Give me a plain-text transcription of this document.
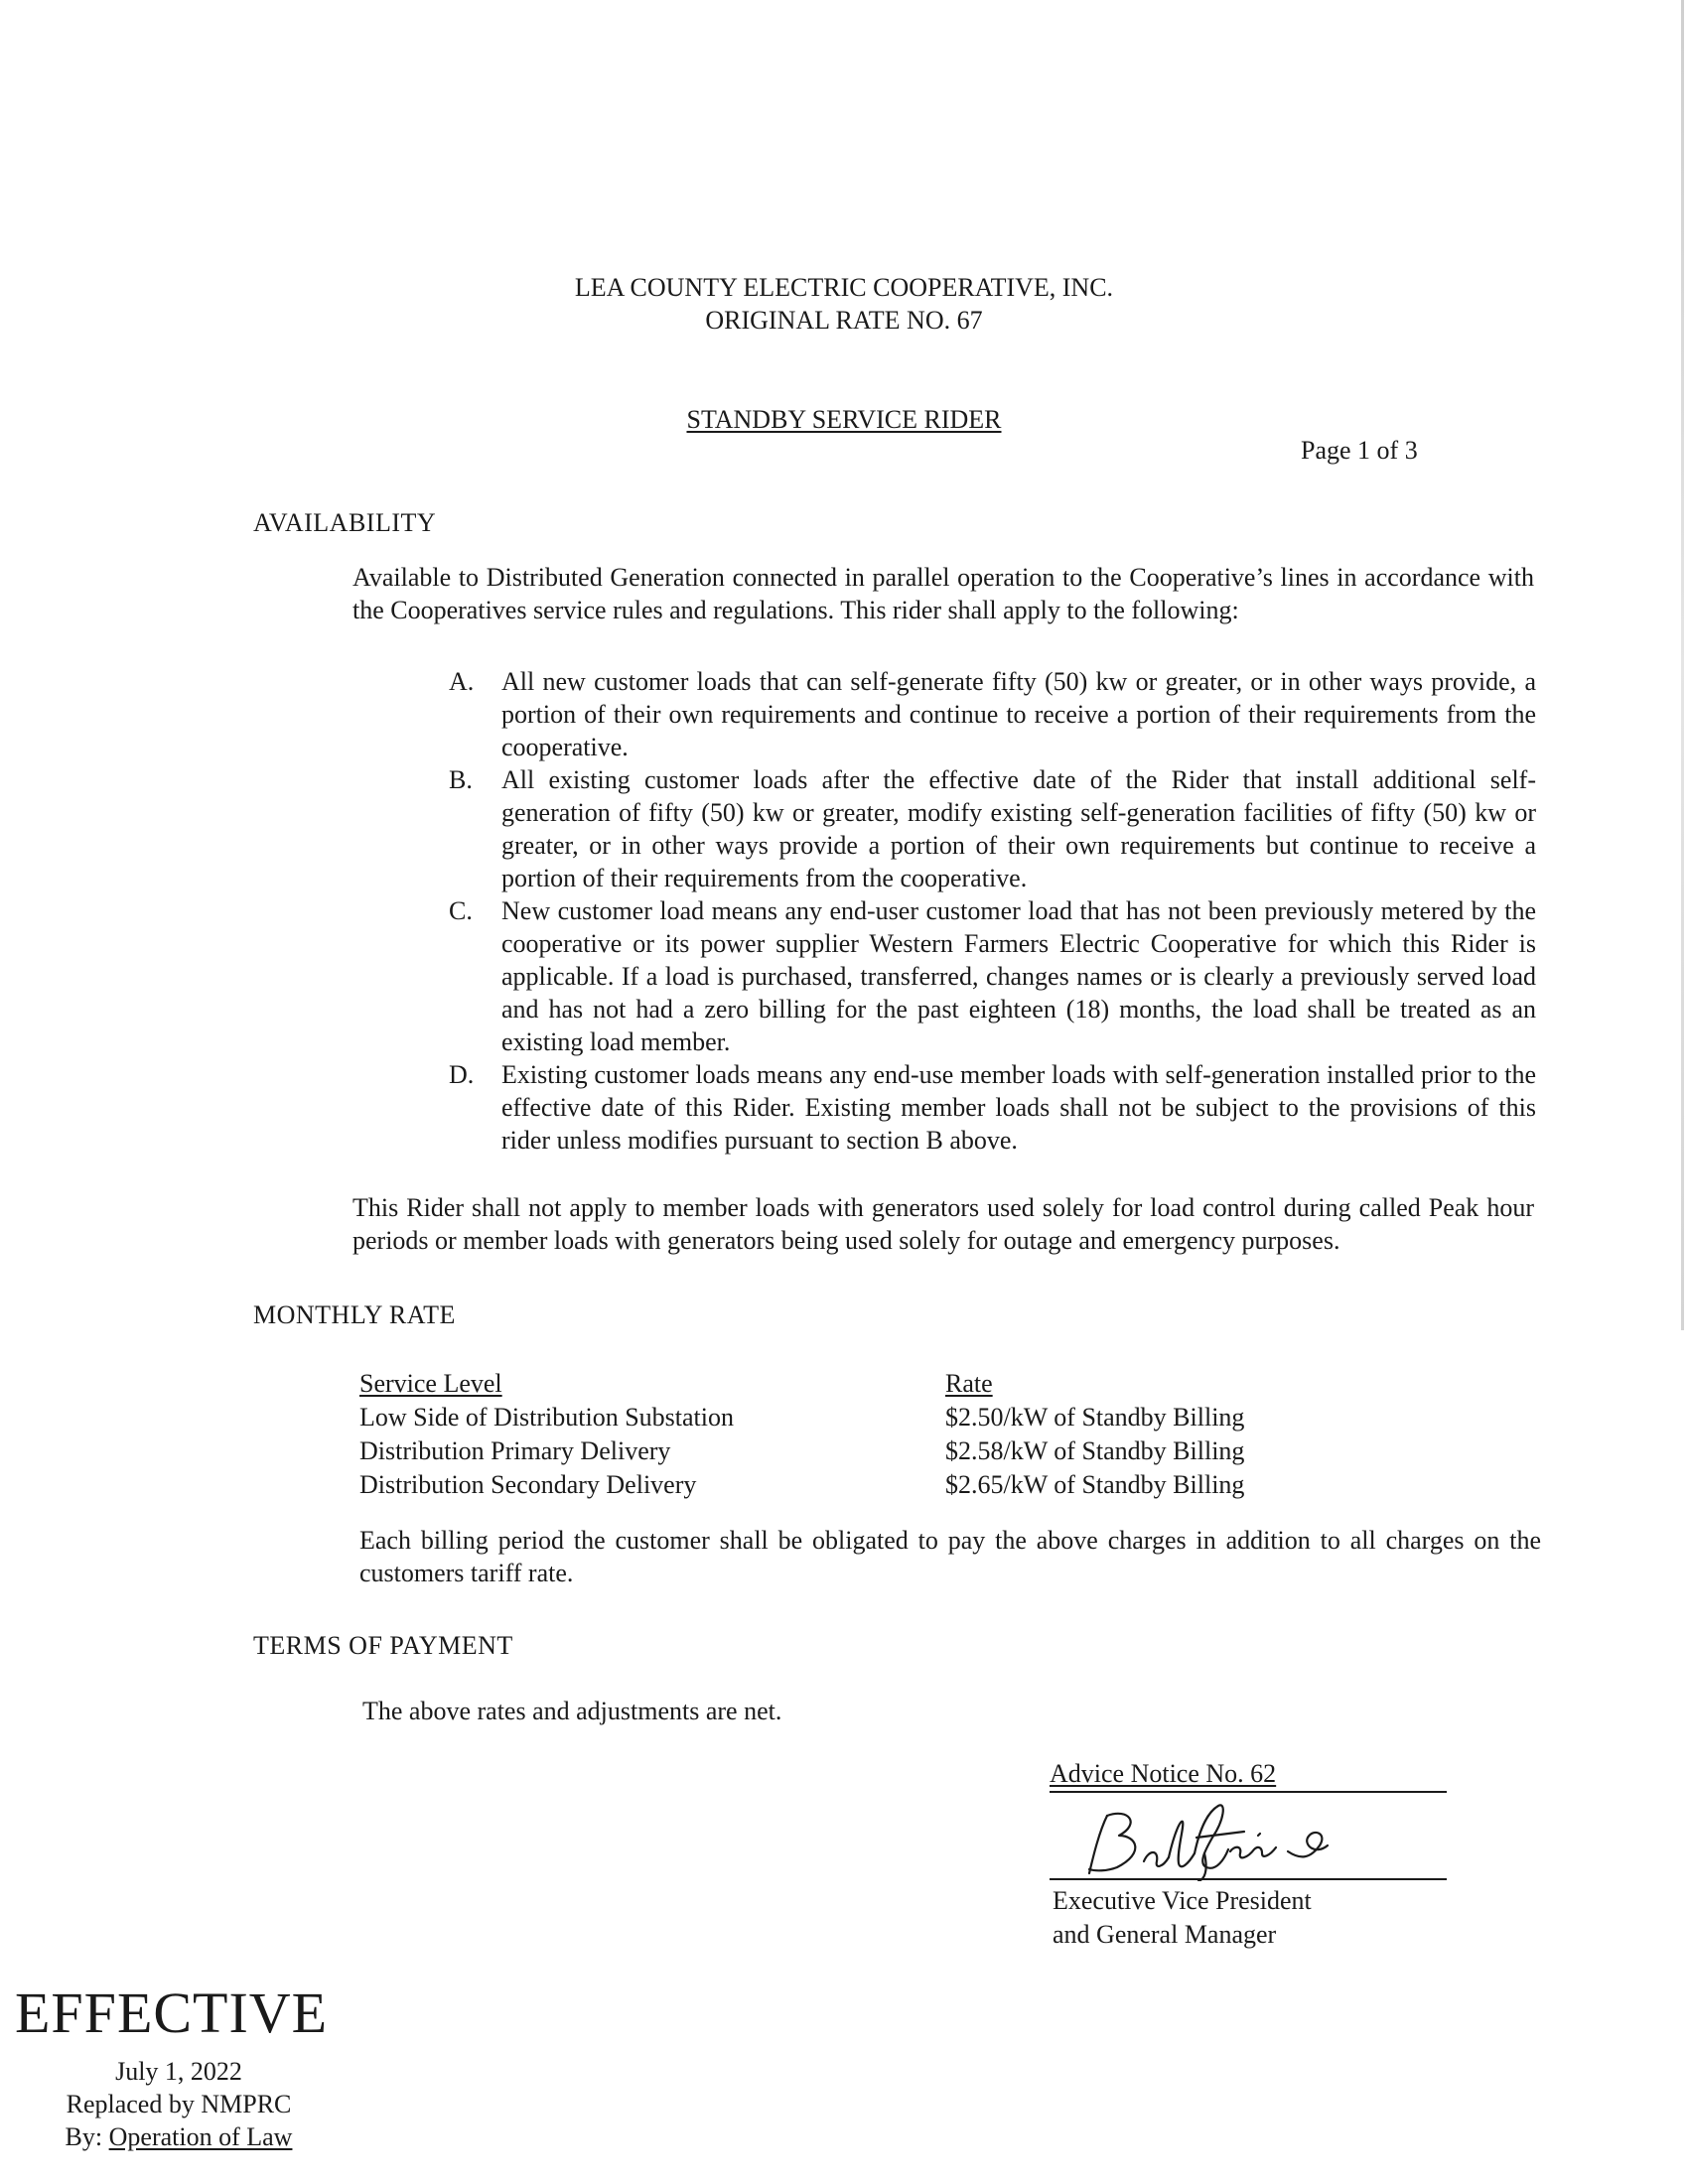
LEA COUNTY ELECTRIC COOPERATIVE, INC.
ORIGINAL RATE NO. 67
STANDBY SERVICE RIDER
Page 1 of 3
AVAILABILITY
Available to Distributed Generation connected in parallel operation to the Cooperative’s lines in accordance with the Cooperatives service rules and regulations. This rider shall apply to the following:
A. All new customer loads that can self-generate fifty (50) kw or greater, or in other ways provide, a portion of their own requirements and continue to receive a portion of their requirements from the cooperative.
B. All existing customer loads after the effective date of the Rider that install additional self-generation of fifty (50) kw or greater, modify existing self-generation facilities of fifty (50) kw or greater, or in other ways provide a portion of their own requirements but continue to receive a portion of their requirements from the cooperative.
C. New customer load means any end-user customer load that has not been previously metered by the cooperative or its power supplier Western Farmers Electric Cooperative for which this Rider is applicable. If a load is purchased, transferred, changes names or is clearly a previously served load and has not had a zero billing for the past eighteen (18) months, the load shall be treated as an existing load member.
D. Existing customer loads means any end-use member loads with self-generation installed prior to the effective date of this Rider. Existing member loads shall not be subject to the provisions of this rider unless modifies pursuant to section B above.
This Rider shall not apply to member loads with generators used solely for load control during called Peak hour periods or member loads with generators being used solely for outage and emergency purposes.
MONTHLY RATE
Service Level	Rate
Low Side of Distribution Substation	$2.50/kW of Standby Billing
Distribution Primary Delivery	$2.58/kW of Standby Billing
Distribution Secondary Delivery	$2.65/kW of Standby Billing
Each billing period the customer shall be obligated to pay the above charges in addition to all charges on the customers tariff rate.
TERMS OF PAYMENT
The above rates and adjustments are net.
Advice Notice No. 62
Executive Vice President
and General Manager
EFFECTIVE
July 1, 2022
Replaced by NMPRC
By: Operation of Law
